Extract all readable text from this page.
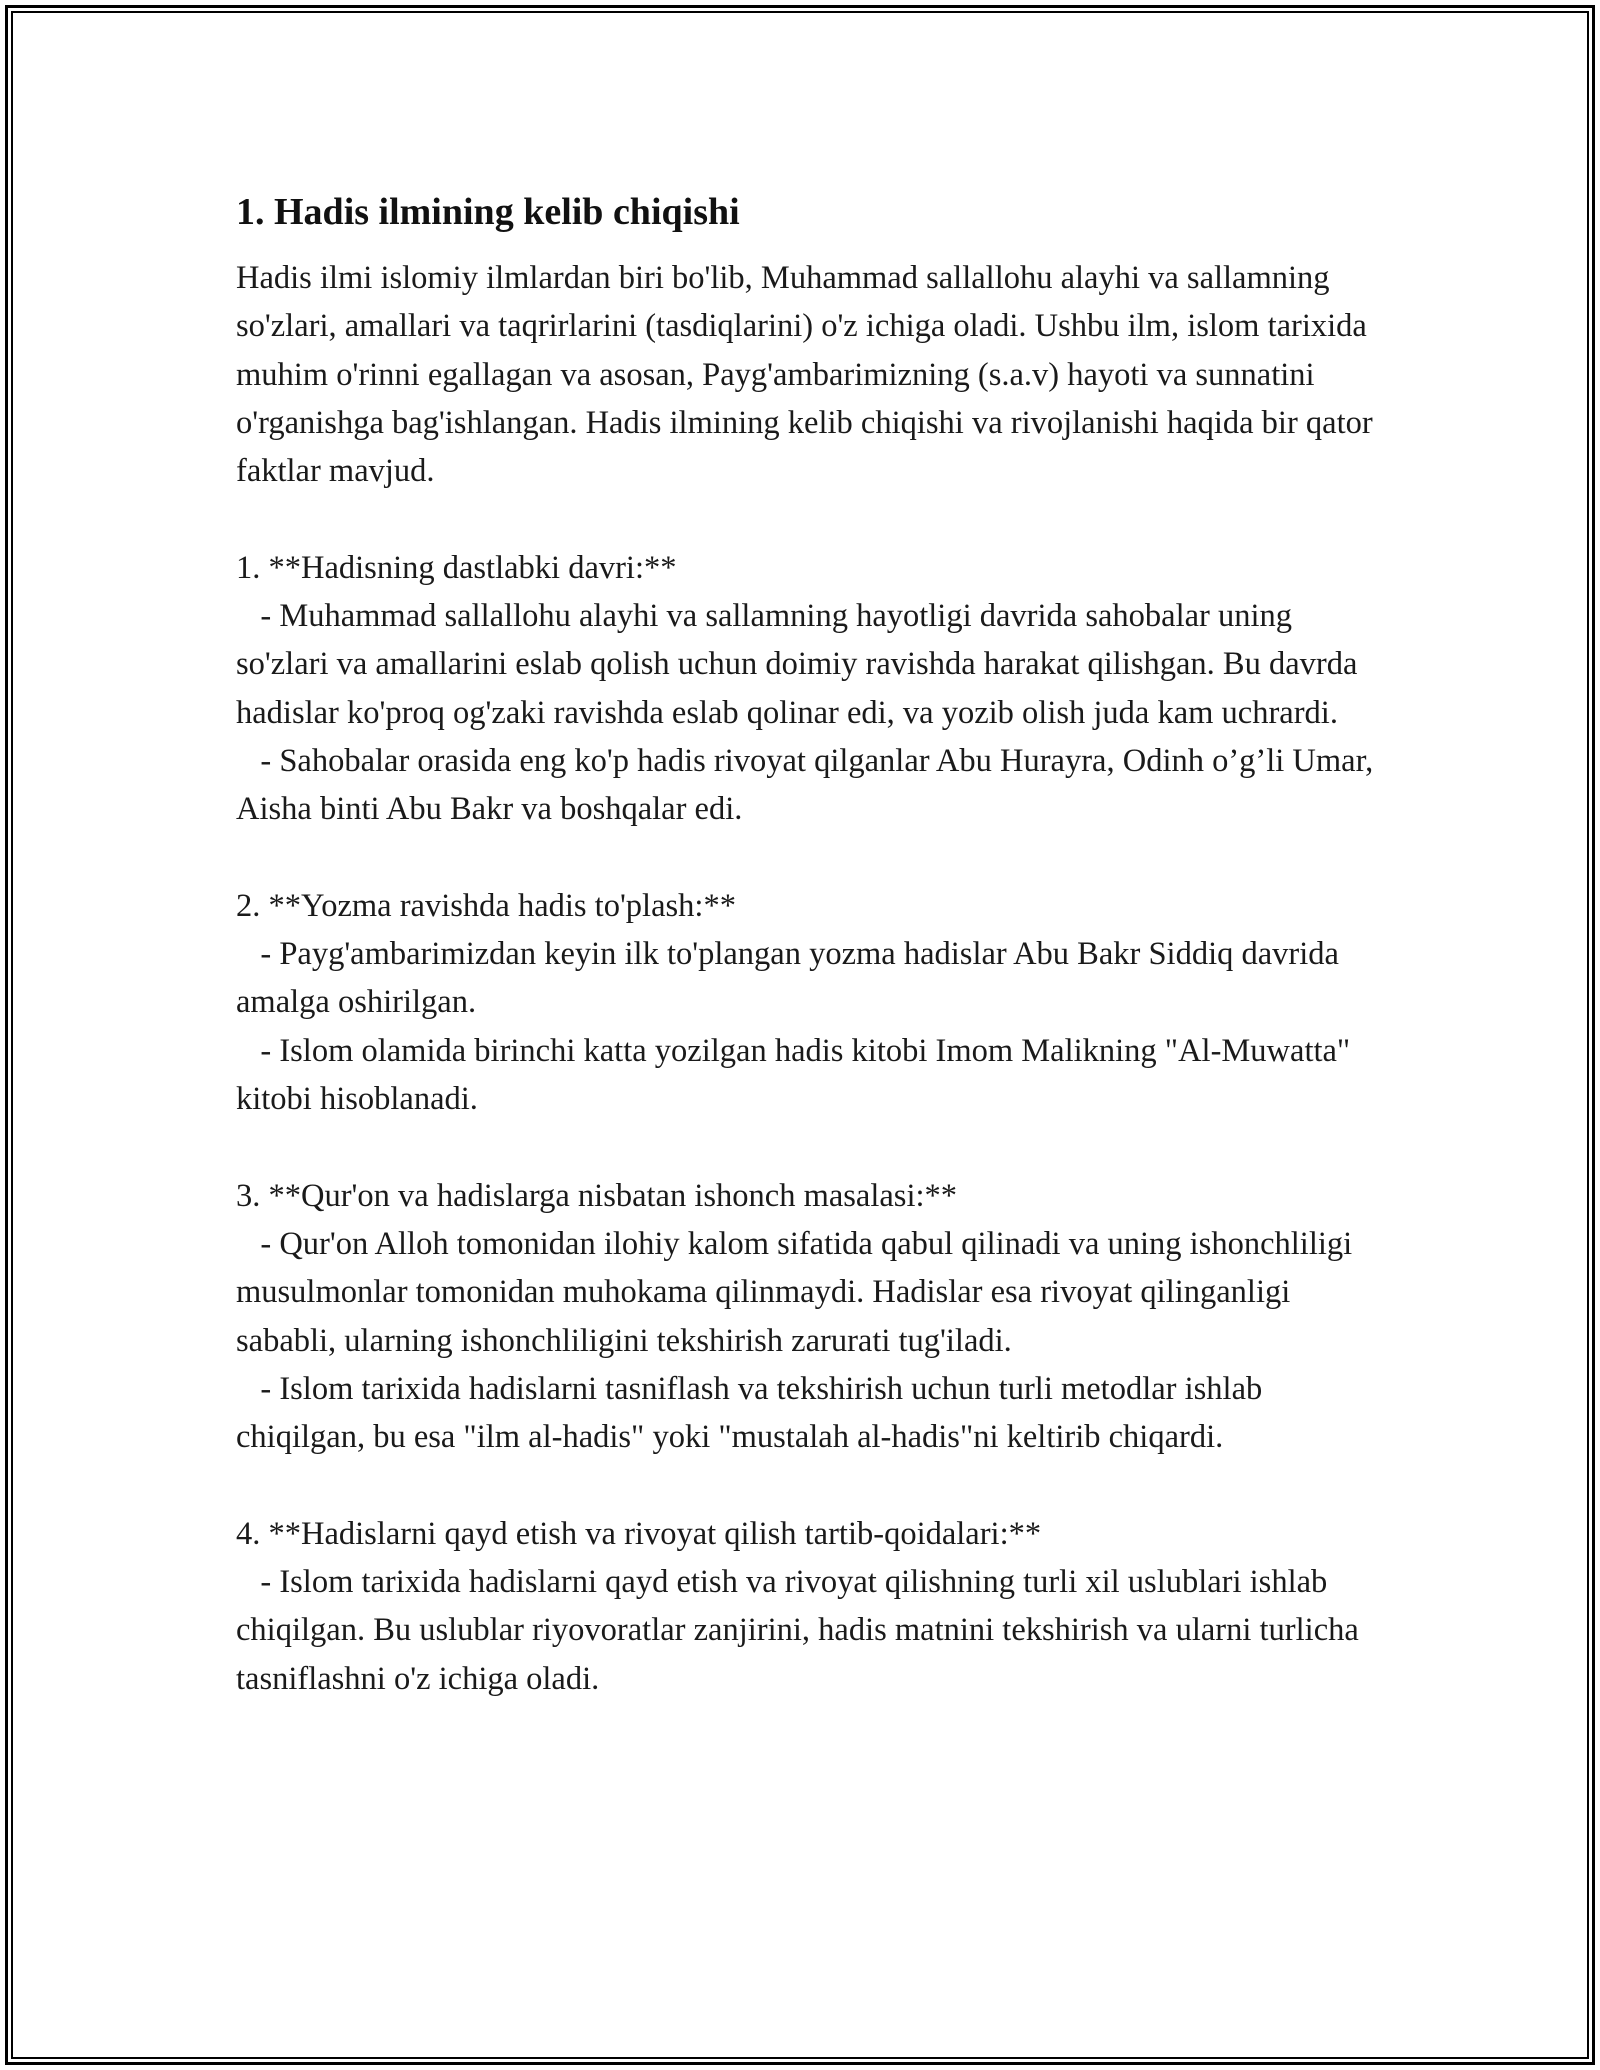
1. Hadis ilmining kelib chiqishi

Hadis ilmi islomiy ilmlardan biri bo'lib, Muhammad sallallohu alayhi va sallamning so'zlari, amallari va taqrirlarini (tasdiqlarini) o'z ichiga oladi. Ushbu ilm, islom tarixida muhim o'rinni egallagan va asosan, Payg'ambarimizning (s.a.v) hayoti va sunnatini o'rganishga bag'ishlangan. Hadis ilmining kelib chiqishi va rivojlanishi haqida bir qator faktlar mavjud.

1. **Hadisning dastlabki davri:**
- Muhammad sallallohu alayhi va sallamning hayotligi davrida sahobalar uning so'zlari va amallarini eslab qolish uchun doimiy ravishda harakat qilishgan. Bu davrda hadislar ko'proq og'zaki ravishda eslab qolinar edi, va yozib olish juda kam uchrardi.
- Sahobalar orasida eng ko'p hadis rivoyat qilganlar Abu Hurayra, Odinh o’g’li Umar, Aisha binti Abu Bakr va boshqalar edi.

2. **Yozma ravishda hadis to'plash:**
- Payg'ambarimizdan keyin ilk to'plangan yozma hadislar Abu Bakr Siddiq davrida amalga oshirilgan.
- Islom olamida birinchi katta yozilgan hadis kitobi Imom Malikning "Al-Muwatta" kitobi hisoblanadi.

3. **Qur'on va hadislarga nisbatan ishonch masalasi:**
- Qur'on Alloh tomonidan ilohiy kalom sifatida qabul qilinadi va uning ishonchliligi musulmonlar tomonidan muhokama qilinmaydi. Hadislar esa rivoyat qilinganligi sababli, ularning ishonchliligini tekshirish zarurati tug'iladi.
- Islom tarixida hadislarni tasniflash va tekshirish uchun turli metodlar ishlab chiqilgan, bu esa "ilm al-hadis" yoki "mustalah al-hadis"ni keltirib chiqardi.

4. **Hadislarni qayd etish va rivoyat qilish tartib-qoidalari:**
- Islom tarixida hadislarni qayd etish va rivoyat qilishning turli xil uslublari ishlab chiqilgan. Bu uslublar riyovoratlar zanjirini, hadis matnini tekshirish va ularni turlicha tasniflashni o'z ichiga oladi.
